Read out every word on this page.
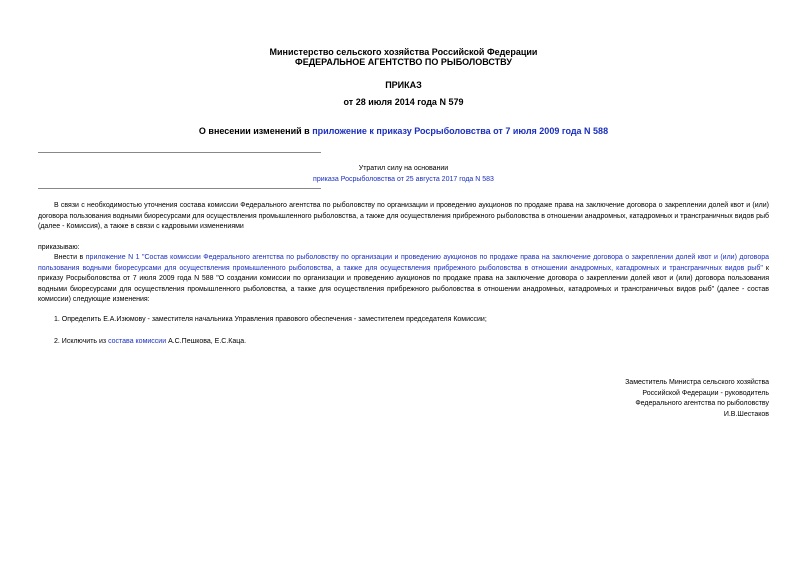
Министерство сельского хозяйства Российской Федерации
ФЕДЕРАЛЬНОЕ АГЕНТСТВО ПО РЫБОЛОВСТВУ
ПРИКАЗ
от 28 июля 2014 года N 579
О внесении изменений в приложение к приказу Росрыболовства от 7 июля 2009 года N 588
Утратил силу на основании
приказа Росрыболовства от 25 августа 2017 года N 583
В связи с необходимостью уточнения состава комиссии Федерального агентства по рыболовству по организации и проведению аукционов по продаже права на заключение договора о закреплении долей квот и (или) договора пользования водными биоресурсами для осуществления промышленного рыболовства, а также для осуществления прибрежного рыболовства в отношении анадромных, катадромных и трансграничных видов рыб (далее - Комиссия), а также в связи с кадровыми изменениями
приказываю:
Внести в приложение N 1 "Состав комиссии Федерального агентства по рыболовству по организации и проведению аукционов по продаже права на заключение договора о закреплении долей квот и (или) договора пользования водными биоресурсами для осуществления промышленного рыболовства, а также для осуществления прибрежного рыболовства в отношении анадромных, катадромных и трансграничных видов рыб" к приказу Росрыболовства от 7 июля 2009 года N 588 "О создании комиссии по организации и проведению аукционов по продаже права на заключение договора о закреплении долей квот и (или) договора пользования водными биоресурсами для осуществления промышленного рыболовства, а также для осуществления прибрежного рыболовства в отношении анадромных, катадромных и трансграничных видов рыб" (далее - состав комиссии) следующие изменения:
1. Определить Е.А.Изюмову - заместителя начальника Управления правового обеспечения - заместителем председателя Комиссии;
2. Исключить из состава комиссии А.С.Пешкова, Е.С.Каца.
Заместитель Министра сельского хозяйства
Российской Федерации - руководитель
Федерального агентства по рыболовству
И.В.Шестаков
